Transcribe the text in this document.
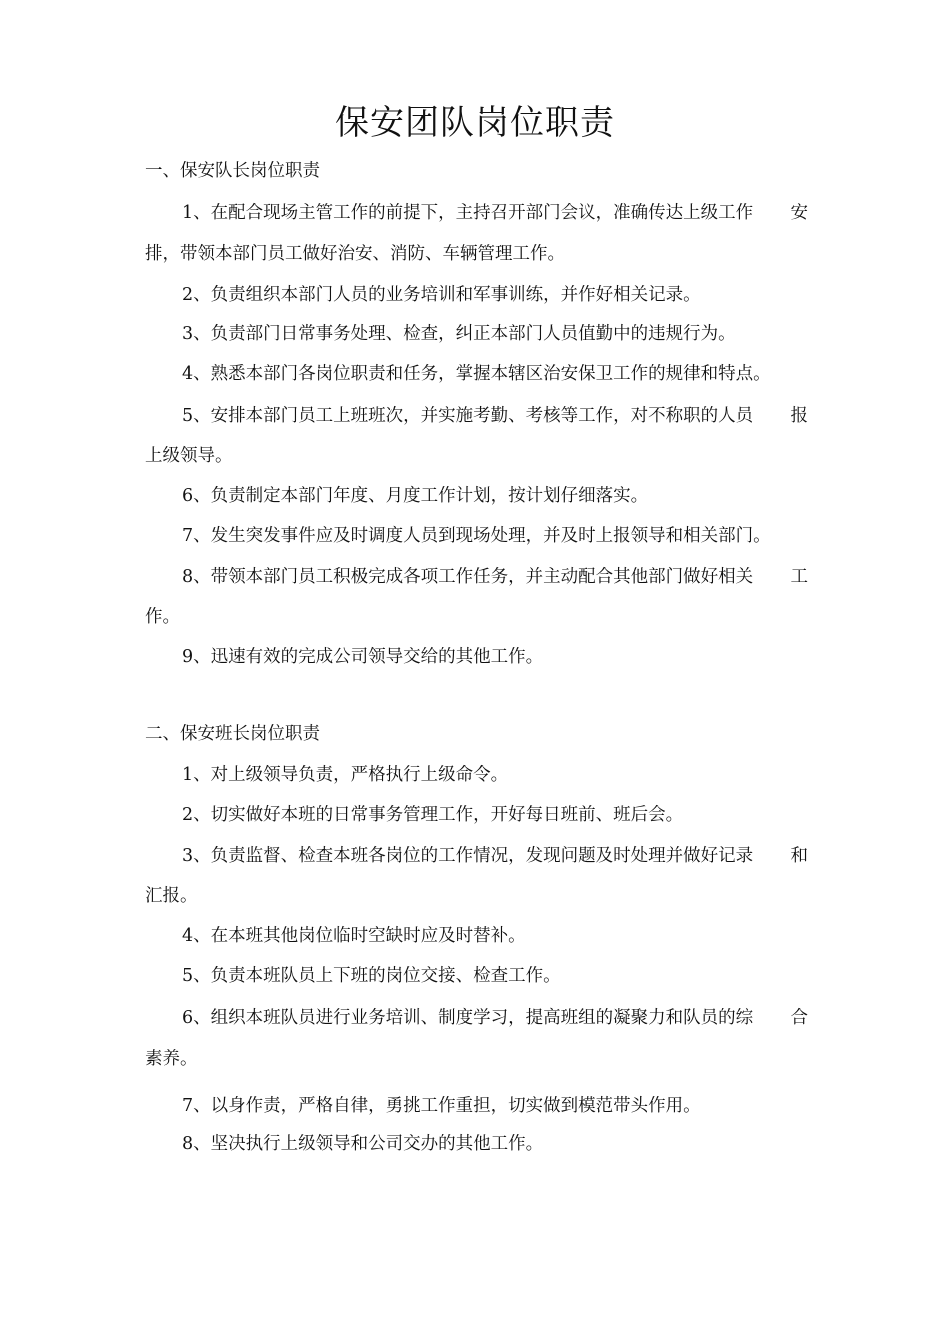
保安团队岗位职责
一、保安队长岗位职责
1、在配合现场主管工作的前提下，主持召开部门会议，准确传达上级工作 安
排，带领本部门员工做好治安、消防、车辆管理工作。
2、负责组织本部门人员的业务培训和军事训练，并作好相关记录。
3、负责部门日常事务处理、检查，纠正本部门人员值勤中的违规行为。
4、熟悉本部门各岗位职责和任务，掌握本辖区治安保卫工作的规律和特点。
5、安排本部门员工上班班次，并实施考勤、考核等工作，对不称职的人员 报
上级领导。
6、负责制定本部门年度、月度工作计划，按计划仔细落实。
7、发生突发事件应及时调度人员到现场处理，并及时上报领导和相关部门。
8、带领本部门员工积极完成各项工作任务，并主动配合其他部门做好相关 工
作。
9、迅速有效的完成公司领导交给的其他工作。
二、保安班长岗位职责
1、对上级领导负责，严格执行上级命令。
2、切实做好本班的日常事务管理工作，开好每日班前、班后会。
3、负责监督、检查本班各岗位的工作情况，发现问题及时处理并做好记录 和
汇报。
4、在本班其他岗位临时空缺时应及时替补。
5、负责本班队员上下班的岗位交接、检查工作。
6、组织本班队员进行业务培训、制度学习，提高班组的凝聚力和队员的综 合
素养。
7、以身作责，严格自律，勇挑工作重担，切实做到模范带头作用。
8、坚决执行上级领导和公司交办的其他工作。
